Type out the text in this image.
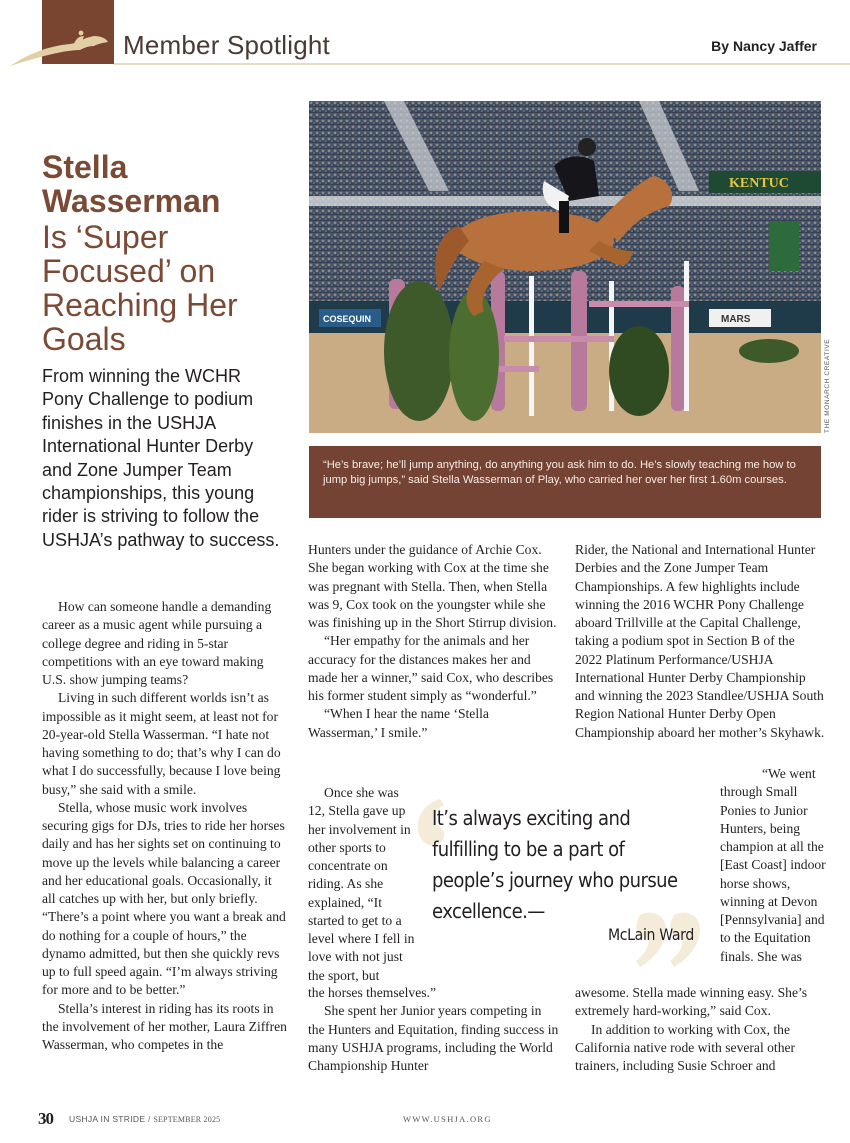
Member Spotlight	By Nancy Jaffer
Stella Wasserman
Is ‘Super Focused’ on Reaching Her Goals
From winning the WCHR Pony Challenge to podium finishes in the USHJA International Hunter Derby and Zone Jumper Team championships, this young rider is striving to follow the USHJA’s pathway to success.
KENTUC
COSEQUIN	MARS
THE MONARCH CREATIVE
“He’s brave; he’ll jump anything, do anything you ask him to do. He’s slowly teaching me how to jump big jumps,” said Stella Wasserman of Play, who carried her over her first 1.60m courses.

How can someone handle a demanding career as a music agent while pursuing a college degree and riding in 5-star competitions with an eye toward making U.S. show jumping teams?

Living in such different worlds isn’t as impossible as it might seem, at least not for 20-year-old Stella Wasserman. “I hate not having something to do; that’s why I can do what I do successfully, because I love being busy,” she said with a smile.

Stella, whose music work involves securing gigs for DJs, tries to ride her horses daily and has her sights set on continuing to move up the levels while balancing a career and her educational goals. Occasionally, it all catches up with her, but only briefly. “There’s a point where you want a break and do nothing for a couple of hours,” the dynamo admitted, but then she quickly revs up to full speed again. “I’m always striving for more and to be better.”

Stella’s interest in riding has its roots in the involvement of her mother, Laura Ziffren Wasserman, who competes in the

Hunters under the guidance of Archie Cox. She began working with Cox at the time she was pregnant with Stella. Then, when Stella was 9, Cox took on the youngster while she was finishing up in the Short Stirrup division.

“Her empathy for the animals and her accuracy for the distances makes her and made her a winner,” said Cox, who describes his former student simply as “wonderful.”

“When I hear the name ‘Stella Wasserman,’ I smile.”

Once she was 12, Stella gave up her involvement in other sports to concentrate on riding. As she explained, “It started to get to a level where I fell in love with not just the sport, but

the horses themselves.”

She spent her Junior years competing in the Hunters and Equitation, finding success in many USHJA programs, including the World Championship Hunter

Rider, the National and International Hunter Derbies and the Zone Jumper Team Championships. A few highlights include winning the 2016 WCHR Pony Challenge aboard Trillville at the Capital Challenge, taking a podium spot in Section B of the 2022 Platinum Performance/USHJA International Hunter Derby Championship and winning the 2023 Standlee/USHJA South Region National Hunter Derby Open Championship aboard her mother’s Skyhawk.

“We went through Small Ponies to Junior Hunters, being champion at all the [East Coast] indoor horse shows, winning at Devon [Pennsylvania] and to the Equitation finals. She was

awesome. Stella made winning easy. She’s extremely hard-working,” said Cox.

In addition to working with Cox, the California native rode with several other trainers, including Susie Schroer and

It’s always exciting and fulfilling to be a part of people’s journey who pursue excellence.—
McLain Ward
30 USHJA IN STRIDE / SEPTEMBER 2025	WWW.USHJA.ORG
